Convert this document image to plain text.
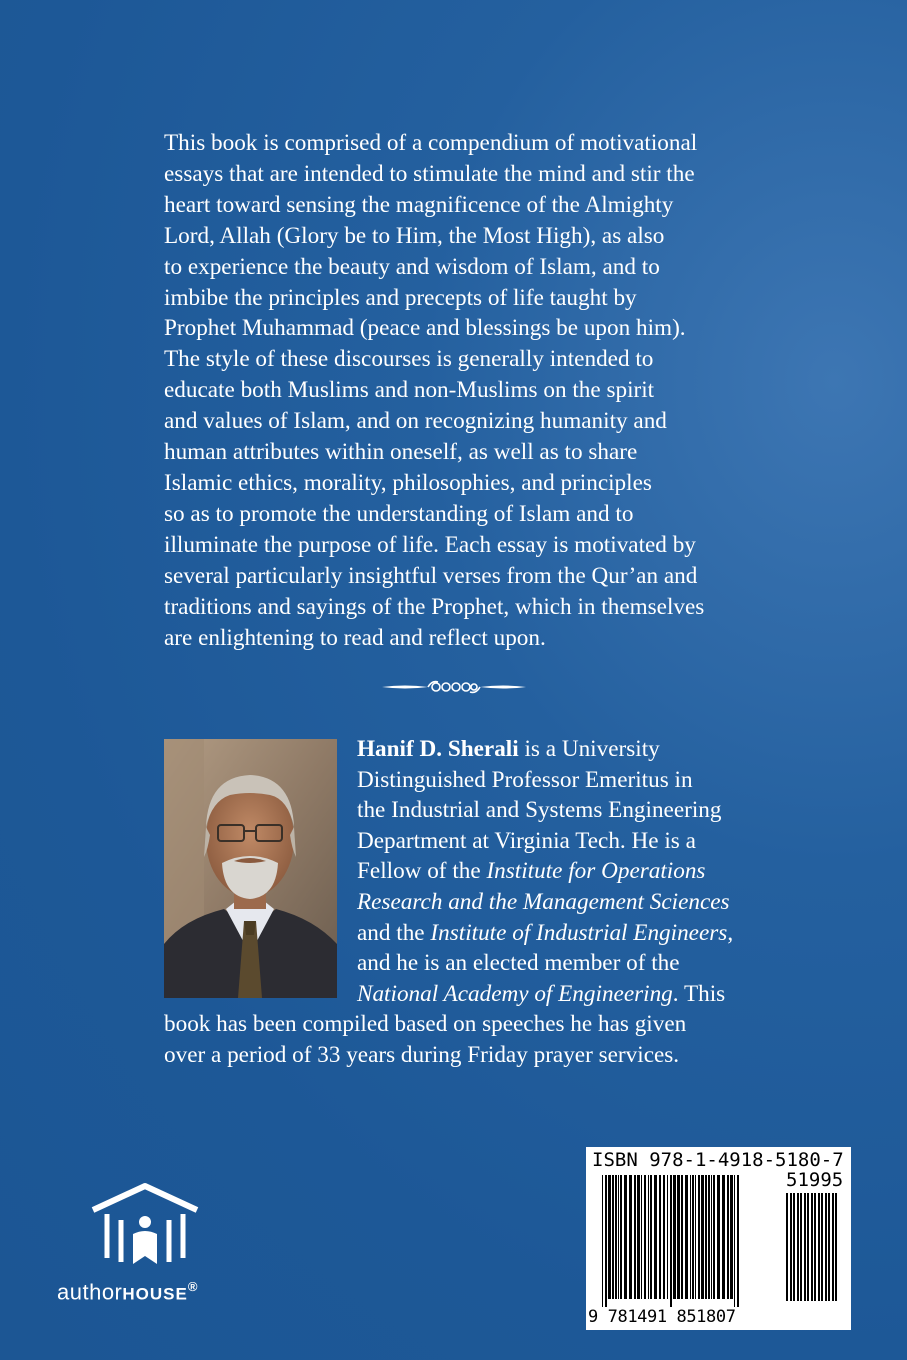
This book is comprised of a compendium of motivational
essays that are intended to stimulate the mind and stir the
heart toward sensing the magnificence of the Almighty
Lord, Allah (Glory be to Him, the Most High), as also
to experience the beauty and wisdom of Islam, and to
imbibe the principles and precepts of life taught by
Prophet Muhammad (peace and blessings be upon him).
The style of these discourses is generally intended to
educate both Muslims and non-Muslims on the spirit
and values of Islam, and on recognizing humanity and
human attributes within oneself, as well as to share
Islamic ethics, morality, philosophies, and principles
so as to promote the understanding of Islam and to
illuminate the purpose of life. Each essay is motivated by
several particularly insightful verses from the Qur’an and
traditions and sayings of the Prophet, which in themselves
are enlightening to read and reflect upon.
Hanif D. Sherali is a University
Distinguished Professor Emeritus in
the Industrial and Systems Engineering
Department at Virginia Tech. He is a
Fellow of the Institute for Operations
Research and the Management Sciences
and the Institute of Industrial Engineers,
and he is an elected member of the
National Academy of Engineering. This
book has been compiled based on speeches he has given
over a period of 33 years during Friday prayer services.
authorHOUSE®
ISBN 978-1-4918-5180-7
51995
9 781491 851807
